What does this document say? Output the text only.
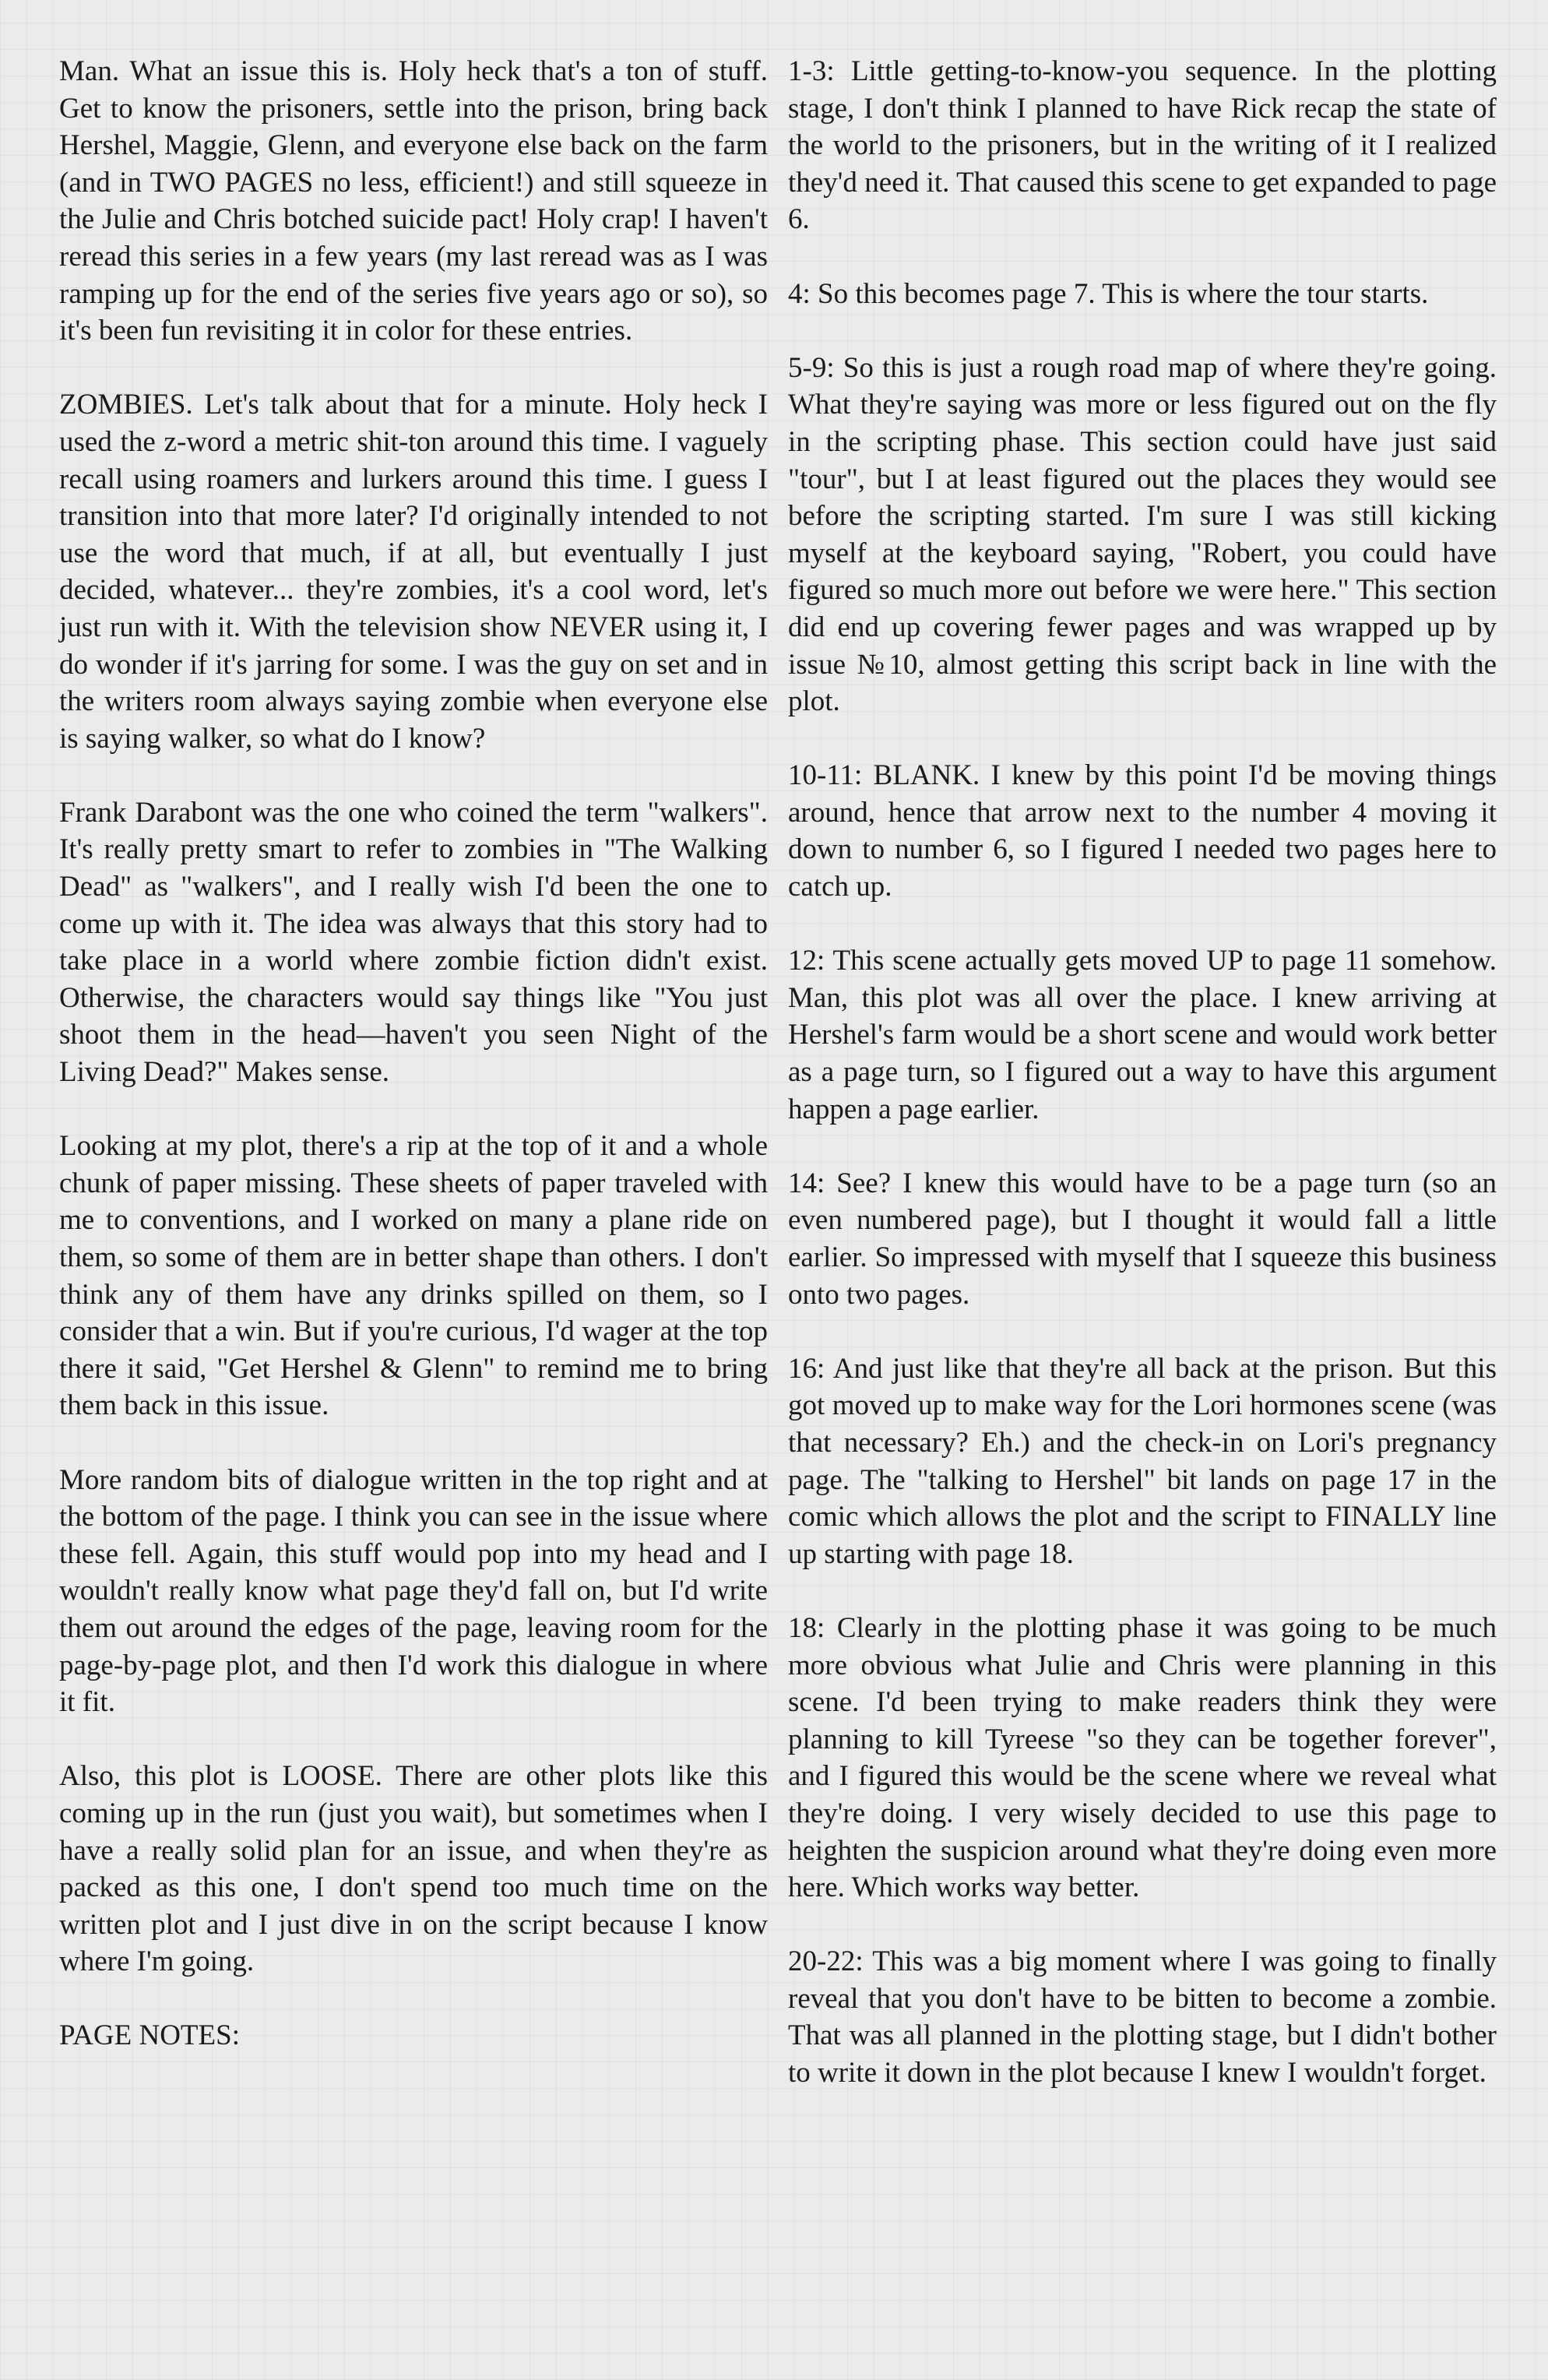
Man. What an issue this is. Holy heck that's a ton of stuff. Get to know the prisoners, settle into the prison, bring back Hershel, Maggie, Glenn, and everyone else back on the farm (and in TWO PAGES no less, efficient!) and still squeeze in the Julie and Chris botched suicide pact! Holy crap! I haven't reread this series in a few years (my last reread was as I was ramping up for the end of the series five years ago or so), so it's been fun revisiting it in color for these entries.

ZOMBIES. Let's talk about that for a minute. Holy heck I used the z-word a metric shit-ton around this time. I vaguely recall using roamers and lurkers around this time. I guess I transition into that more later? I'd originally intended to not use the word that much, if at all, but eventually I just decided, whatever... they're zombies, it's a cool word, let's just run with it. With the television show NEVER using it, I do wonder if it's jarring for some. I was the guy on set and in the writers room always saying zombie when everyone else is saying walker, so what do I know?

Frank Darabont was the one who coined the term "walkers". It's really pretty smart to refer to zombies in "The Walking Dead" as "walkers", and I really wish I'd been the one to come up with it. The idea was always that this story had to take place in a world where zombie fiction didn't exist. Otherwise, the characters would say things like "You just shoot them in the head—haven't you seen Night of the Living Dead?" Makes sense.

Looking at my plot, there's a rip at the top of it and a whole chunk of paper missing. These sheets of paper traveled with me to conventions, and I worked on many a plane ride on them, so some of them are in better shape than others. I don't think any of them have any drinks spilled on them, so I consider that a win. But if you're curious, I'd wager at the top there it said, "Get Hershel & Glenn" to remind me to bring them back in this issue.

More random bits of dialogue written in the top right and at the bottom of the page. I think you can see in the issue where these fell. Again, this stuff would pop into my head and I wouldn't really know what page they'd fall on, but I'd write them out around the edges of the page, leaving room for the page-by-page plot, and then I'd work this dialogue in where it fit.

Also, this plot is LOOSE. There are other plots like this coming up in the run (just you wait), but sometimes when I have a really solid plan for an issue, and when they're as packed as this one, I don't spend too much time on the written plot and I just dive in on the script because I know where I'm going.

PAGE NOTES:

1-3: Little getting-to-know-you sequence. In the plotting stage, I don't think I planned to have Rick recap the state of the world to the prisoners, but in the writing of it I realized they'd need it. That caused this scene to get expanded to page 6.

4: So this becomes page 7. This is where the tour starts.

5-9: So this is just a rough road map of where they're going. What they're saying was more or less figured out on the fly in the scripting phase. This section could have just said "tour", but I at least figured out the places they would see before the scripting started. I'm sure I was still kicking myself at the keyboard saying, "Robert, you could have figured so much more out before we were here." This section did end up covering fewer pages and was wrapped up by issue №10, almost getting this script back in line with the plot.

10-11: BLANK. I knew by this point I'd be moving things around, hence that arrow next to the number 4 moving it down to number 6, so I figured I needed two pages here to catch up.

12: This scene actually gets moved UP to page 11 somehow. Man, this plot was all over the place. I knew arriving at Hershel's farm would be a short scene and would work better as a page turn, so I figured out a way to have this argument happen a page earlier.

14: See? I knew this would have to be a page turn (so an even numbered page), but I thought it would fall a little earlier. So impressed with myself that I squeeze this business onto two pages.

16: And just like that they're all back at the prison. But this got moved up to make way for the Lori hormones scene (was that necessary? Eh.) and the check-in on Lori's pregnancy page. The "talking to Hershel" bit lands on page 17 in the comic which allows the plot and the script to FINALLY line up starting with page 18.

18: Clearly in the plotting phase it was going to be much more obvious what Julie and Chris were planning in this scene. I'd been trying to make readers think they were planning to kill Tyreese "so they can be together forever", and I figured this would be the scene where we reveal what they're doing. I very wisely decided to use this page to heighten the suspicion around what they're doing even more here. Which works way better.

20-22: This was a big moment where I was going to finally reveal that you don't have to be bitten to become a zombie. That was all planned in the plotting stage, but I didn't bother to write it down in the plot because I knew I wouldn't forget.
